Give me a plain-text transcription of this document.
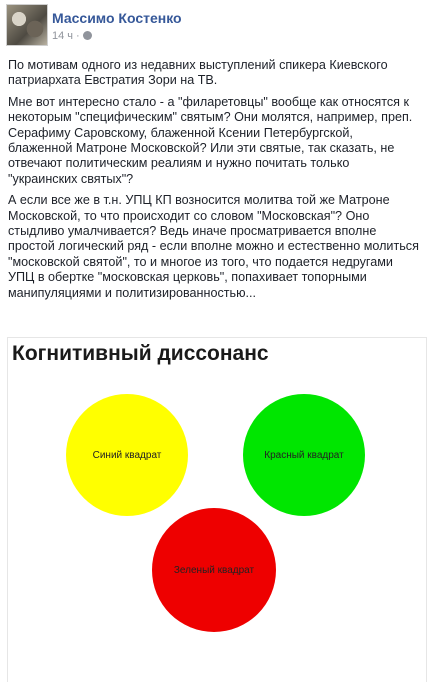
Массимо Костенко
14 ч ·

По мотивам одного из недавних выступлений спикера Киевского патриархата Евстратия Зори на ТВ.

Мне вот интересно стало - а "филаретовцы" вообще как относятся к некоторым "специфическим" святым? Они молятся, например, преп. Серафиму Саровскому, блаженной Ксении Петербургской, блаженной Матроне Московской? Или эти святые, так сказать, не отвечают политическим реалиям и нужно почитать только "украинских святых"?

А если все же в т.н. УПЦ КП возносится молитва той же Матроне Московской, то что происходит со словом "Московская"? Оно стыдливо умалчивается? Ведь иначе просматривается вполне простой логический ряд - если вполне можно и естественно молиться "московской святой", то и многое из того, что подается недругами УПЦ в обертке "московская церковь", попахивает топорными манипуляциями и политизированностью...

Когнитивный диссонанс
Синий квадрат	Красный квадрат
Зеленый квадрат
